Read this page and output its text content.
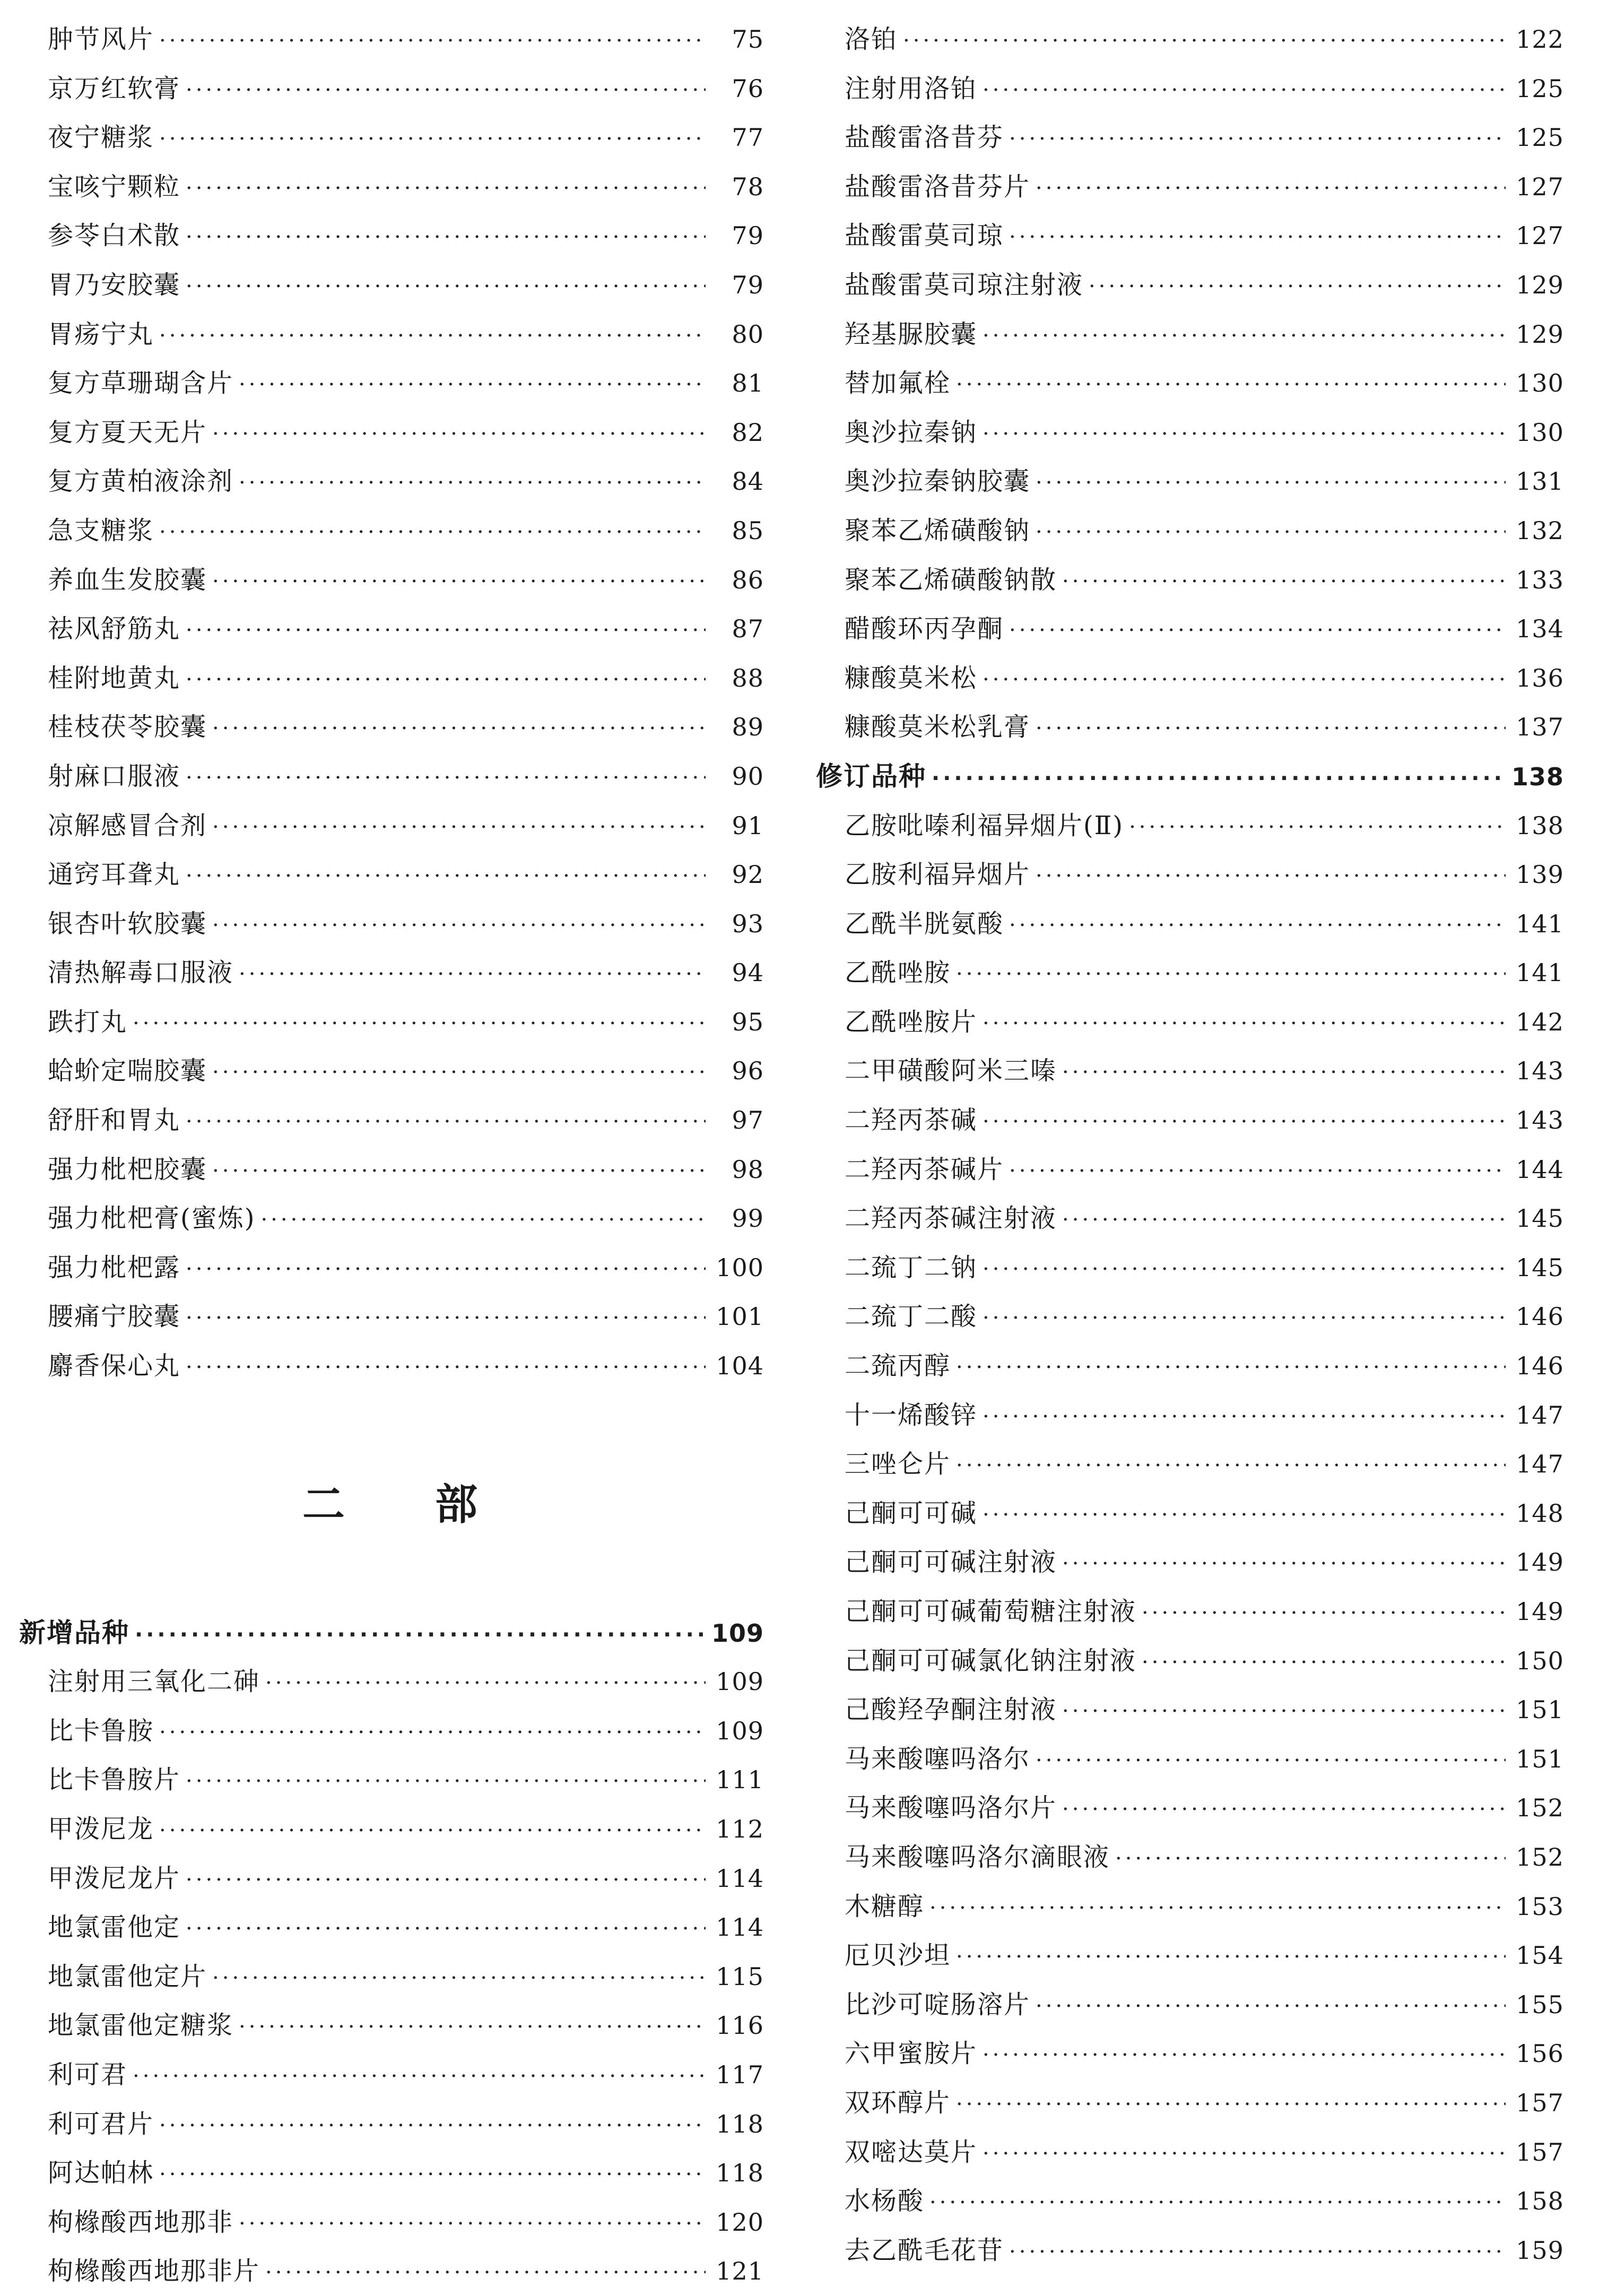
肿节风片 ·····	75
京万红软膏 ·····	76
夜宁糖浆 ·····	77
宝咳宁颗粒 ·····	78
参苓白术散 ·····	79
胃乃安胶囊 ·····	79
胃疡宁丸 ·····	80
复方草珊瑚含片 ·····	81
复方夏天无片 ·····	82
复方黄柏液涂剂 ·····	84
急支糖浆 ·····	85
养血生发胶囊 ·····	86
祛风舒筋丸 ·····	87
桂附地黄丸 ·····	88
桂枝茯苓胶囊 ·····	89
射麻口服液 ·····	90
凉解感冒合剂 ·····	91
通窍耳聋丸 ·····	92
银杏叶软胶囊 ·····	93
清热解毒口服液 ·····	94
跌打丸 ·····	95
蛤蚧定喘胶囊 ·····	96
舒肝和胃丸 ·····	97
强力枇杷胶囊 ·····	98
强力枇杷膏(蜜炼) ·····	99
强力枇杷露 ·····	100
腰痛宁胶囊 ·····	101
麝香保心丸 ·····	104
二 部
新增品种 ·····	109
注射用三氧化二砷 ·····	109
比卡鲁胺 ·····	109
比卡鲁胺片 ·····	111
甲泼尼龙 ·····	112
甲泼尼龙片 ·····	114
地氯雷他定 ·····	114
地氯雷他定片 ·····	115
地氯雷他定糖浆 ·····	116
利可君 ·····	117
利可君片 ·····	118
阿达帕林 ·····	118
枸橼酸西地那非 ·····	120
枸橼酸西地那非片 ·····	121
洛铂 ·····	122
注射用洛铂 ·····	125
盐酸雷洛昔芬 ·····	125
盐酸雷洛昔芬片 ·····	127
盐酸雷莫司琼 ·····	127
盐酸雷莫司琼注射液 ·····	129
羟基脲胶囊 ·····	129
替加氟栓 ·····	130
奥沙拉秦钠 ·····	130
奥沙拉秦钠胶囊 ·····	131
聚苯乙烯磺酸钠 ·····	132
聚苯乙烯磺酸钠散 ·····	133
醋酸环丙孕酮 ·····	134
糠酸莫米松 ·····	136
糠酸莫米松乳膏 ·····	137
修订品种 ·····	138
乙胺吡嗪利福异烟片(Ⅱ) ·····	138
乙胺利福异烟片 ·····	139
乙酰半胱氨酸 ·····	141
乙酰唑胺 ·····	141
乙酰唑胺片 ·····	142
二甲磺酸阿米三嗪 ·····	143
二羟丙茶碱 ·····	143
二羟丙茶碱片 ·····	144
二羟丙茶碱注射液 ·····	145
二巯丁二钠 ·····	145
二巯丁二酸 ·····	146
二巯丙醇 ·····	146
十一烯酸锌 ·····	147
三唑仑片 ·····	147
己酮可可碱 ·····	148
己酮可可碱注射液 ·····	149
己酮可可碱葡萄糖注射液 ·····	149
己酮可可碱氯化钠注射液 ·····	150
己酸羟孕酮注射液 ·····	151
马来酸噻吗洛尔 ·····	151
马来酸噻吗洛尔片 ·····	152
马来酸噻吗洛尔滴眼液 ·····	152
木糖醇 ·····	153
厄贝沙坦 ·····	154
比沙可啶肠溶片 ·····	155
六甲蜜胺片 ·····	156
双环醇片 ·····	157
双嘧达莫片 ·····	157
水杨酸 ·····	158
去乙酰毛花苷 ·····	159
